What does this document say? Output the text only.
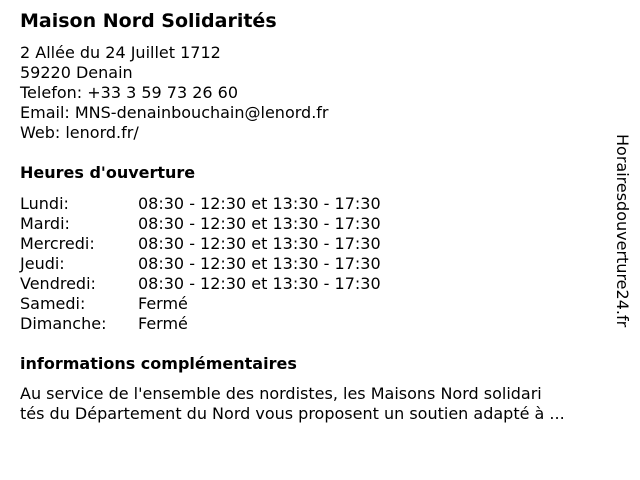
Maison Nord Solidarités
2 Allée du 24 Juillet 1712
59220 Denain
Telefon: +33 3 59 73 26 60
Email: MNS-denainbouchain@lenord.fr
Web: lenord.fr/
Heures d'ouverture
Lundi:	08:30 - 12:30 et 13:30 - 17:30
Mardi:	08:30 - 12:30 et 13:30 - 17:30
Mercredi:	08:30 - 12:30 et 13:30 - 17:30
Jeudi:	08:30 - 12:30 et 13:30 - 17:30
Vendredi:	08:30 - 12:30 et 13:30 - 17:30
Samedi:	Fermé
Dimanche: Fermé
informations complémentaires
Au service de l'ensemble des nordistes, les Maisons Nord solidari
tés du Département du Nord vous proposent un soutien adapté à ...
Horairesdouverture24.fr
